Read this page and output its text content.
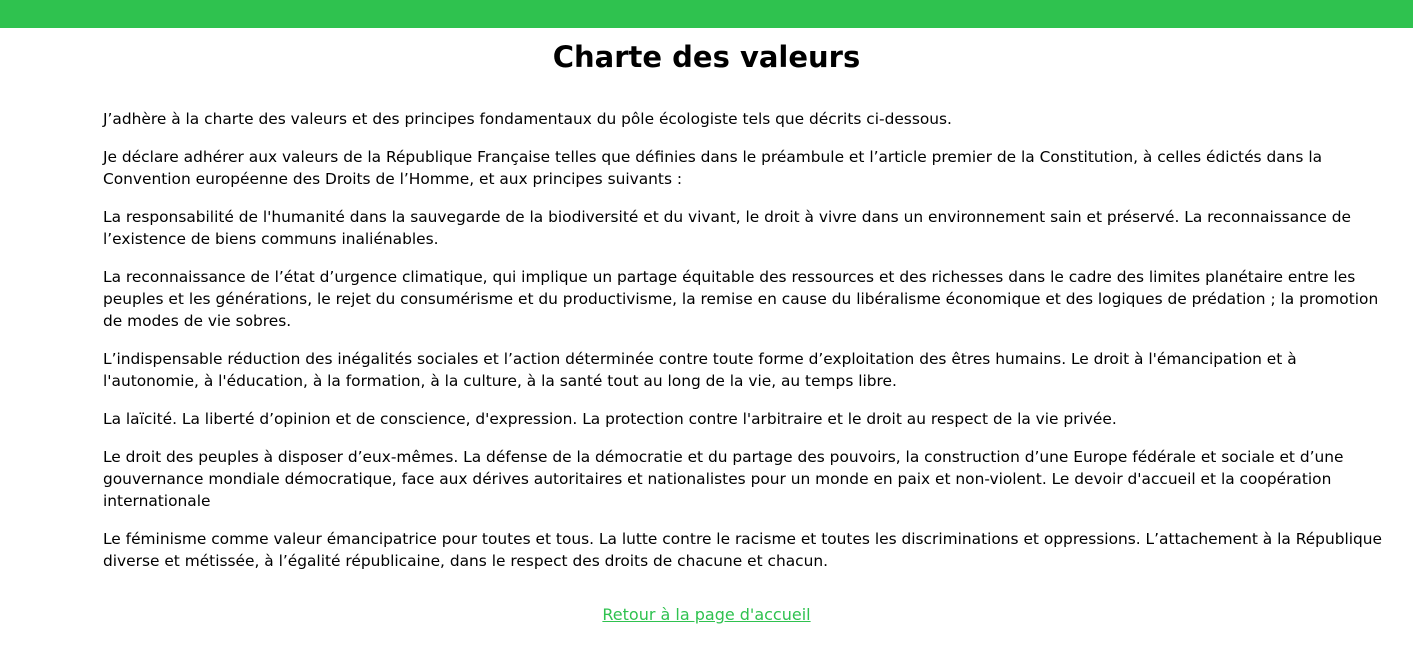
Charte des valeurs

J’adhère à la charte des valeurs et des principes fondamentaux du pôle écologiste tels que décrits ci-dessous.

Je déclare adhérer aux valeurs de la République Française telles que définies dans le préambule et l’article premier de la Constitution, à celles édictés dans la Convention européenne des Droits de l’Homme, et aux principes suivants :

La responsabilité de l'humanité dans la sauvegarde de la biodiversité et du vivant, le droit à vivre dans un environnement sain et préservé. La reconnaissance de l’existence de biens communs inaliénables.

La reconnaissance de l’état d’urgence climatique, qui implique un partage équitable des ressources et des richesses dans le cadre des limites planétaire entre les peuples et les générations, le rejet du consumérisme et du productivisme, la remise en cause du libéralisme économique et des logiques de prédation ; la promotion de modes de vie sobres.

L’indispensable réduction des inégalités sociales et l’action déterminée contre toute forme d’exploitation des êtres humains. Le droit à l'émancipation et à l'autonomie, à l'éducation, à la formation, à la culture, à la santé tout au long de la vie, au temps libre.

La laïcité. La liberté d’opinion et de conscience, d'expression. La protection contre l'arbitraire et le droit au respect de la vie privée.

Le droit des peuples à disposer d’eux-mêmes. La défense de la démocratie et du partage des pouvoirs, la construction d’une Europe fédérale et sociale et d’une gouvernance mondiale démocratique, face aux dérives autoritaires et nationalistes pour un monde en paix et non-violent. Le devoir d'accueil et la coopération internationale

Le féminisme comme valeur émancipatrice pour toutes et tous. La lutte contre le racisme et toutes les discriminations et oppressions. L’attachement à la République diverse et métissée, à l’égalité républicaine, dans le respect des droits de chacune et chacun.

Retour à la page d'accueil
